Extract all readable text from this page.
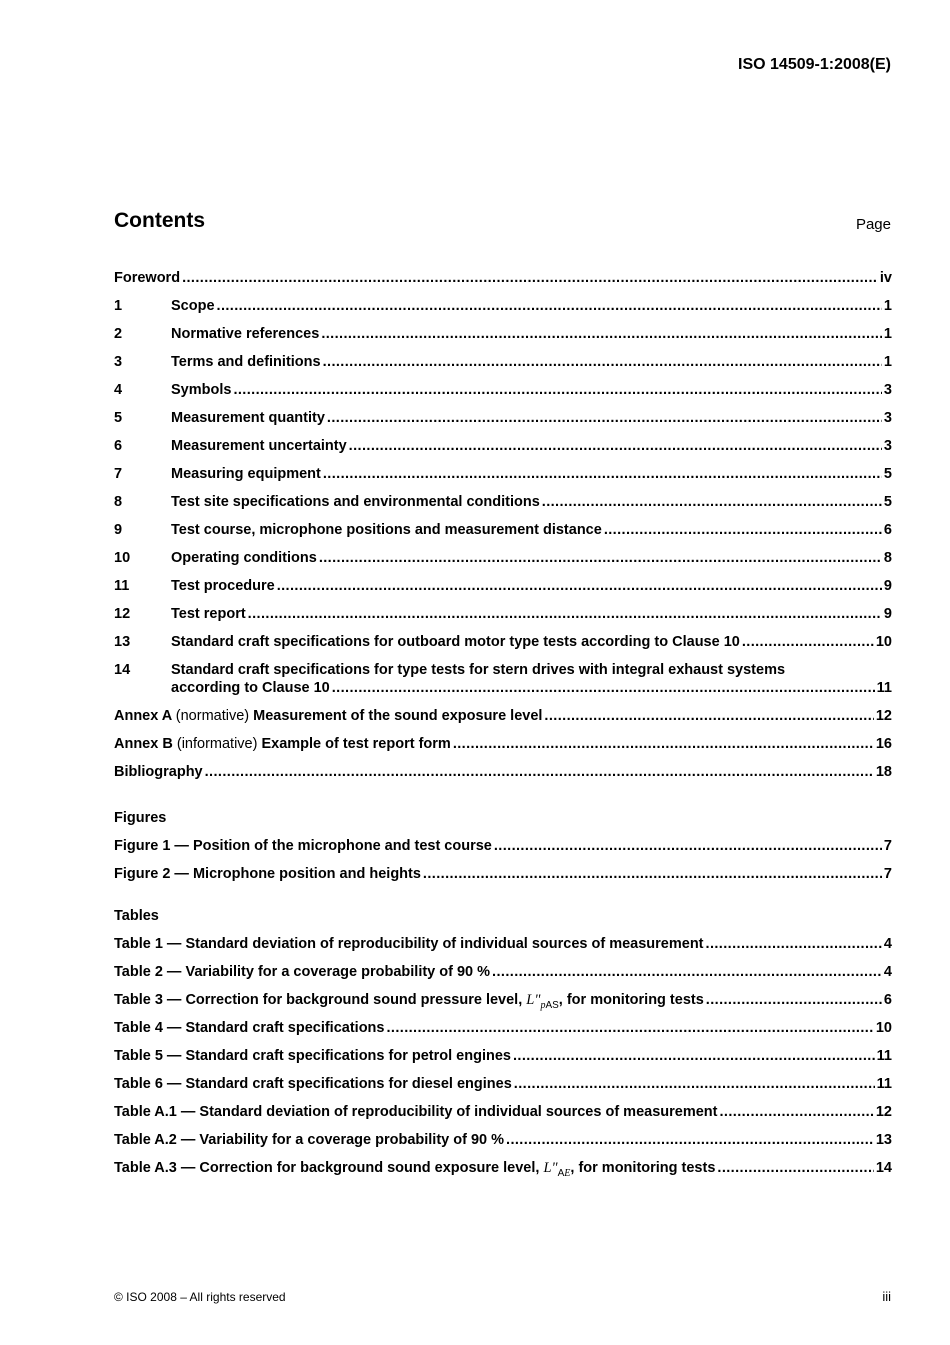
ISO 14509-1:2008(E)
Contents	Page
Foreword .....	iv
1	Scope .....	1
2	Normative references .....	1
3	Terms and definitions .....	1
4	Symbols .....	3
5	Measurement quantity .....	3
6	Measurement uncertainty .....	3
7	Measuring equipment .....	5
8	Test site specifications and environmental conditions .....	5
9	Test course, microphone positions and measurement distance .....	6
10	Operating conditions .....	8
11	Test procedure .....	9
12	Test report .....	9
13	Standard craft specifications for outboard motor type tests according to Clause 10 .....	10
14	Standard craft specifications for type tests for stern drives with integral exhaust systems
according to Clause 10 .....	11
Annex A (normative) Measurement of the sound exposure level .....	12
Annex B (informative) Example of test report form .....	16
Bibliography .....	18
Figures
Figure 1 — Position of the microphone and test course .....	7
Figure 2 — Microphone position and heights .....	7
Tables
Table 1 — Standard deviation of reproducibility of individual sources of measurement .....	4
Table 2 — Variability for a coverage probability of 90 % .....	4
Table 3 — Correction for background sound pressure level, $L"_{pAS}$, for monitoring tests .....	6
Table 4 — Standard craft specifications .....	10
Table 5 — Standard craft specifications for petrol engines .....	11
Table 6 — Standard craft specifications for diesel engines .....	11
Table A.1 — Standard deviation of reproducibility of individual sources of measurement .....	12
Table A.2 — Variability for a coverage probability of 90 % .....	13
Table A.3 — Correction for background sound exposure level, $L"_{AE}$, for monitoring tests .....	14
© ISO 2008 – All rights reserved	iii
